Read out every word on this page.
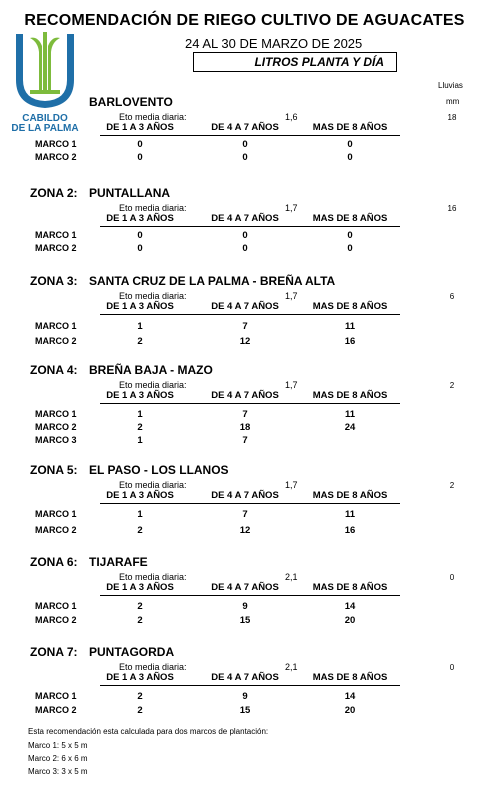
RECOMENDACIÓN DE RIEGO CULTIVO DE AGUACATES
24 AL 30 DE MARZO DE 2025
LITROS PLANTA Y DÍA
Lluvias
mm
CABILDO
DE LA PALMA
BARLOVENTO
Eto media diaria:	1,6	18
DE 1 A 3 AÑOS	DE 4 A 7 AÑOS	MAS DE 8 AÑOS
MARCO 1	0	0	0
MARCO 2	0	0	0
ZONA 2: PUNTALLANA
Eto media diaria:	1,7	16
DE 1 A 3 AÑOS	DE 4 A 7 AÑOS	MAS DE 8 AÑOS
MARCO 1	0	0	0
MARCO 2	0	0	0
ZONA 3: SANTA CRUZ DE LA PALMA - BREÑA ALTA
Eto media diaria:	1,7	6
DE 1 A 3 AÑOS	DE 4 A 7 AÑOS	MAS DE 8 AÑOS
MARCO 1	1	7	11
MARCO 2	2	12	16
ZONA 4: BREÑA BAJA - MAZO
Eto media diaria:	1,7	2
DE 1 A 3 AÑOS	DE 4 A 7 AÑOS	MAS DE 8 AÑOS
MARCO 1	1	7	11
MARCO 2	2	18	24
MARCO 3	1	7
ZONA 5: EL PASO - LOS LLANOS
Eto media diaria:	1,7	2
DE 1 A 3 AÑOS	DE 4 A 7 AÑOS	MAS DE 8 AÑOS
MARCO 1	1	7	11
MARCO 2	2	12	16
ZONA 6: TIJARAFE
Eto media diaria:	2,1	0
DE 1 A 3 AÑOS	DE 4 A 7 AÑOS	MAS DE 8 AÑOS
MARCO 1	2	9	14
MARCO 2	2	15	20
ZONA 7: PUNTAGORDA
Eto media diaria:	2,1	0
DE 1 A 3 AÑOS	DE 4 A 7 AÑOS	MAS DE 8 AÑOS
MARCO 1	2	9	14
MARCO 2	2	15	20
Esta recomendación esta calculada para dos marcos de plantación:
Marco 1: 5 x 5 m
Marco 2: 6 x 6 m
Marco 3: 3 x 5 m
